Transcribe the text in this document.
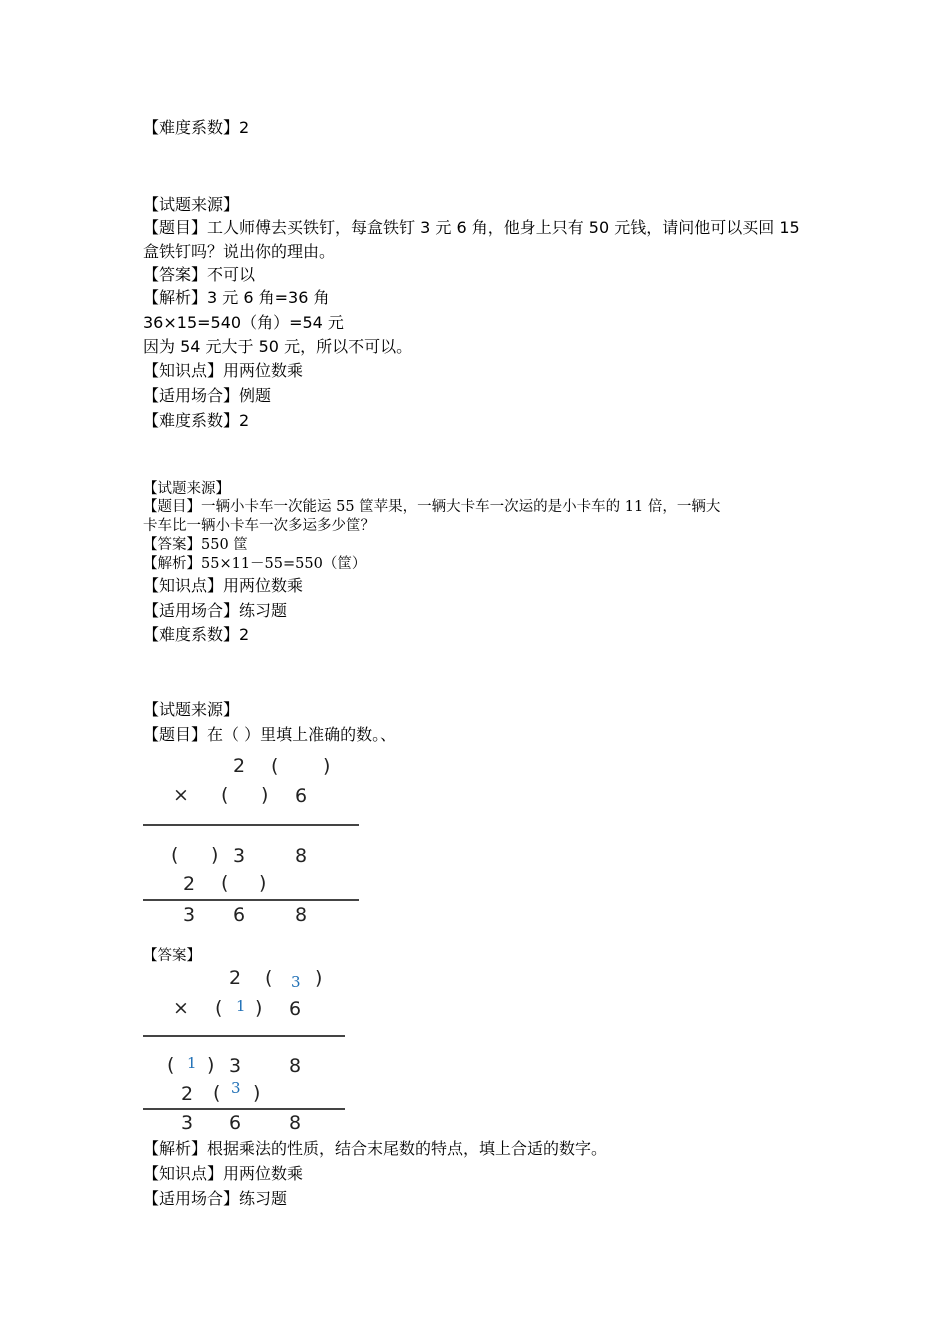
【难度系数】2
【试题来源】
【题目】工人师傅去买铁钉，每盒铁钉 3 元 6 角，他身上只有 50 元钱，请问他可以买回 15
盒铁钉吗？说出你的理由。
【答案】不可以
【解析】3 元 6 角=36 角
36×15=540（角）=54 元
因为 54 元大于 50 元，所以不可以。
【知识点】用两位数乘
【适用场合】例题
【难度系数】2
【试题来源】
【题目】一辆小卡车一次能运 55 筐苹果，一辆大卡车一次运的是小卡车的 11 倍，一辆大
卡车比一辆小卡车一次多运多少筐？
【答案】550 筐
【解析】55×11－55=550（筐）
【知识点】用两位数乘
【适用场合】练习题
【难度系数】2
【试题来源】
【题目】在（ ）里填上准确的数。、
2 ( )
× ( ) 6
( ) 3	8
2 ( )
3 6	8
【答案】
2 ( 3 )
× ( 1 ) 6
( 1 ) 3	8
2 ( 3 )
3 6	8
【解析】根据乘法的性质，结合末尾数的特点，填上合适的数字。
【知识点】用两位数乘
【适用场合】练习题
